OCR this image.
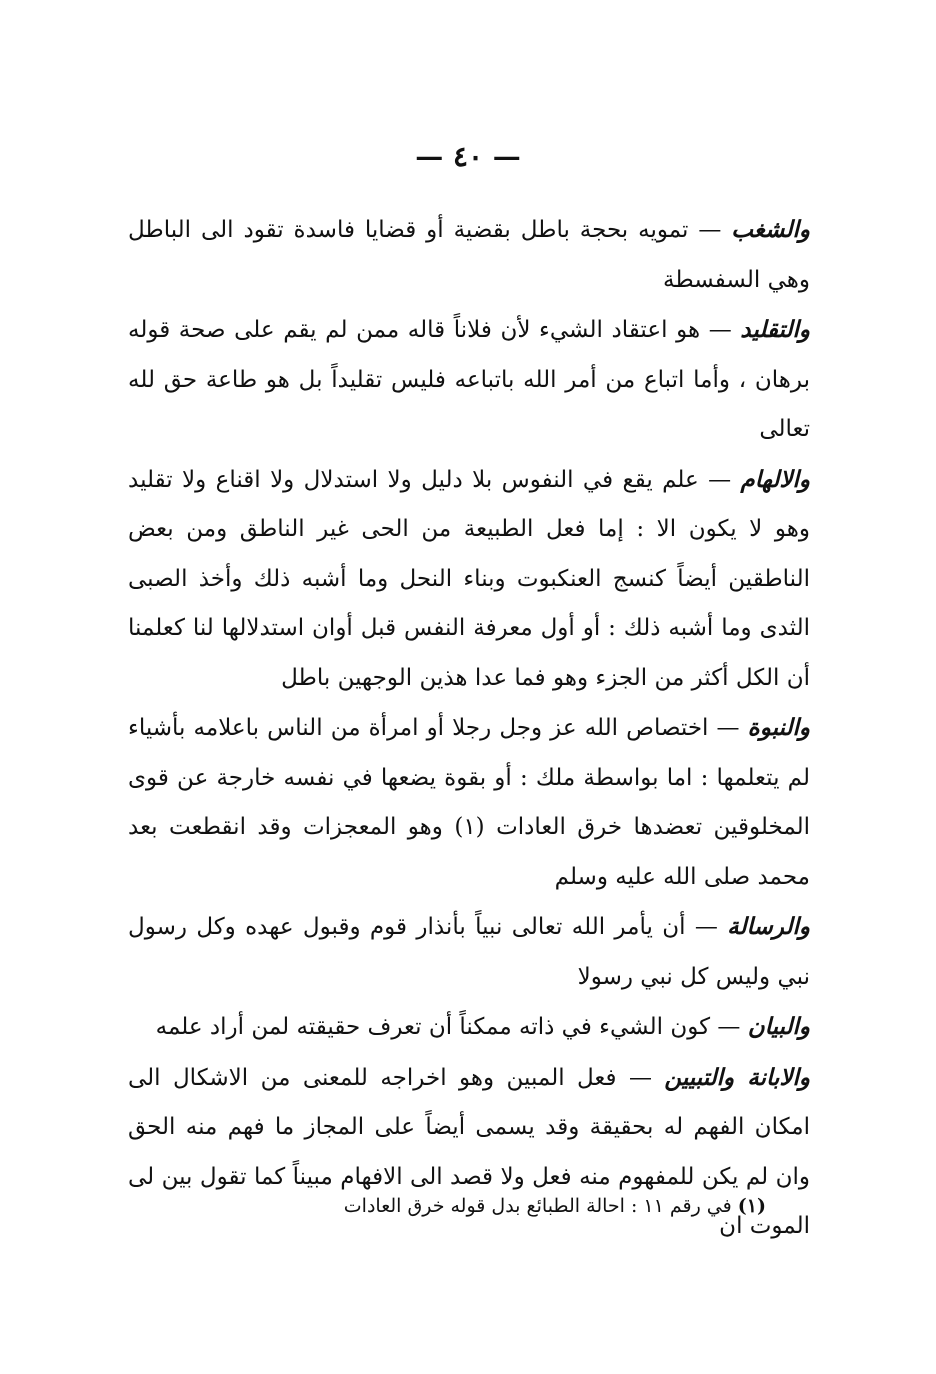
— ٤٠ —

والشغب — تمويه بحجة باطل بقضية أو قضايا فاسدة تقود الى الباطل وهي السفسطة

والتقليد — هو اعتقاد الشيء لأن فلاناً قاله ممن لم يقم على صحة قوله برهان ، وأما اتباع من أمر الله باتباعه فليس تقليداً بل هو طاعة حق لله تعالى

والالهام — علم يقع في النفوس بلا دليل ولا استدلال ولا اقناع ولا تقليد وهو لا يكون الا : إما فعل الطبيعة من الحى غير الناطق ومن بعض الناطقين أيضاً كنسج العنكبوت وبناء النحل وما أشبه ذلك وأخذ الصبى الثدى وما أشبه ذلك : أو أول معرفة النفس قبل أوان استدلالها لنا كعلمنا أن الكل أكثر من الجزء وهو فما عدا هذين الوجهين باطل

والنبوة — اختصاص الله عز وجل رجلا أو امرأة من الناس باعلامه بأشياء لم يتعلمها : اما بواسطة ملك : أو بقوة يضعها في نفسه خارجة عن قوى المخلوقين تعضدها خرق العادات (١) وهو المعجزات وقد انقطعت بعد محمد صلى الله عليه وسلم

والرسالة — أن يأمر الله تعالى نبياً بأنذار قوم وقبول عهده وكل رسول نبي وليس كل نبي رسولا

والبيان — كون الشيء في ذاته ممكناً أن تعرف حقيقته لمن أراد علمه

والابانة والتبيين — فعل المبين وهو اخراجه للمعنى من الاشكال الى امكان الفهم له بحقيقة وقد يسمى أيضاً على المجاز ما فهم منه الحق وان لم يكن للمفهوم منه فعل ولا قصد الى الافهام مبيناً كما تقول بين لى الموت ان

(١) في رقم ١١ : احالة الطبائع بدل قوله خرق العادات
